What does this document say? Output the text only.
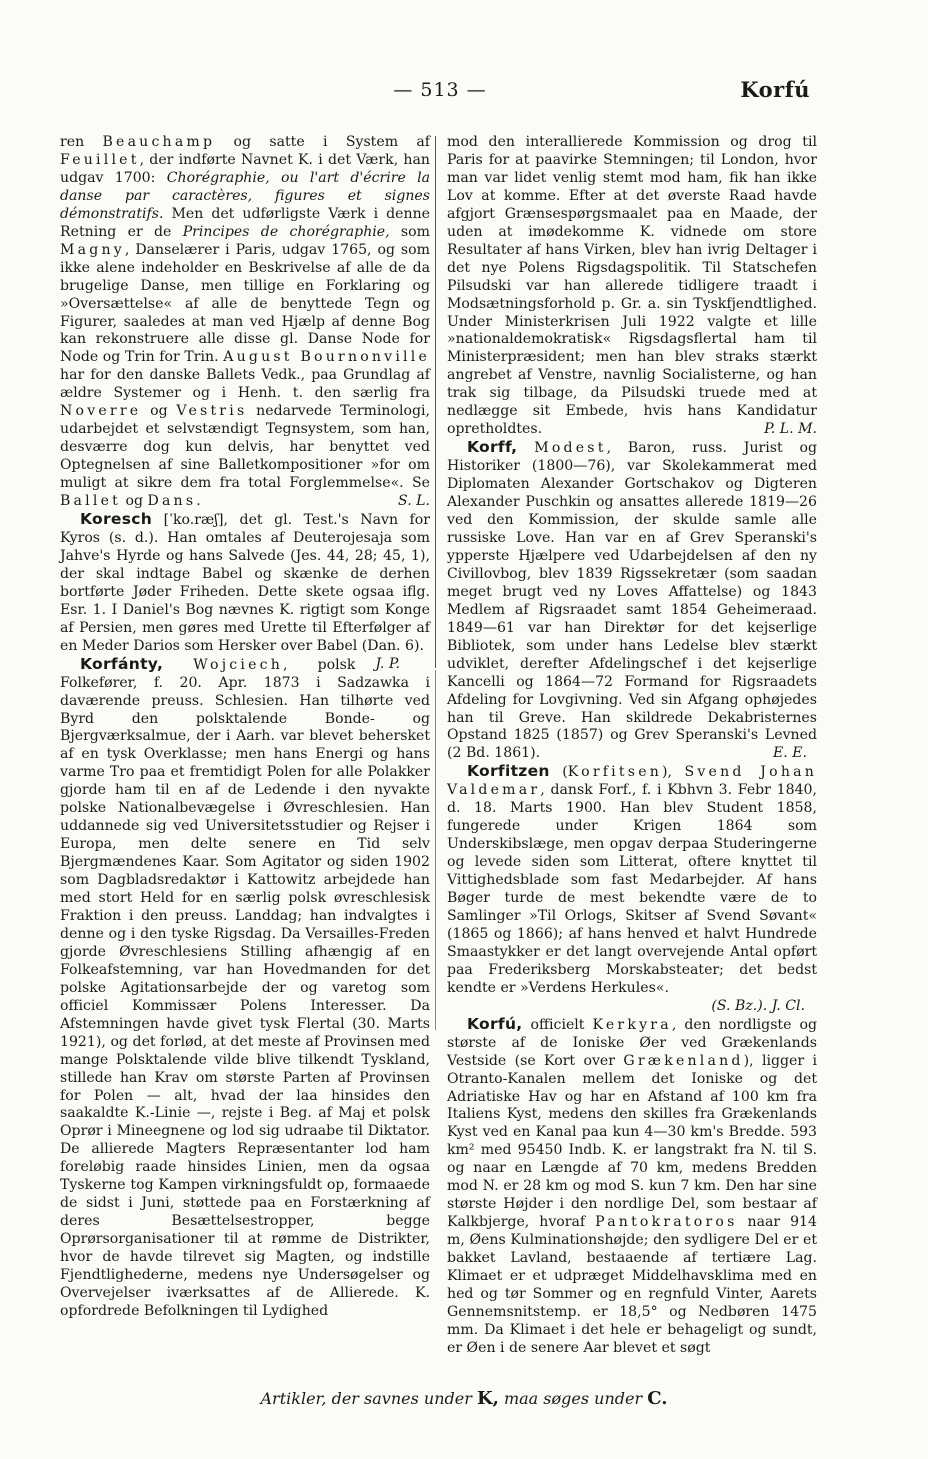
— 513 —	Korfú

ren Beauchamp og satte i System af Feuillet, der indførte Navnet K. i det Værk, han udgav 1700: Chorégraphie, ou l'art d'écrire la danse par caractères, figures et signes démonstratifs. Men det udførligste Værk i denne Retning er de Principes de chorégraphie, som Magny, Danselærer i Paris, udgav 1765, og som ikke alene indeholder en Beskrivelse af alle de da brugelige Danse, men tillige en Forklaring og »Oversættelse« af alle de benyttede Tegn og Figurer, saaledes at man ved Hjælp af denne Bog kan rekonstruere alle disse gl. Danse Node for Node og Trin for Trin. August Bournonville har for den danske Ballets Vedk., paa Grundlag af ældre Systemer og i Henh. t. den særlig fra Noverre og Vestris nedarvede Terminologi, udarbejdet et selvstændigt Tegnsystem, som han, desværre dog kun delvis, har benyttet ved Optegnelsen af sine Balletkompositioner »for om muligt at sikre dem fra total Forglemmelse«. Se Ballet og Dans.	S. L.

Koresch [ˈko.ræʃ], det gl. Test.'s Navn for Kyros (s. d.). Han omtales af Deuterojesaja som Jahve's Hyrde og hans Salvede (Jes. 44, 28; 45, 1), der skal indtage Babel og skænke de derhen bortførte Jøder Friheden. Dette skete ogsaa iflg. Esr. 1. I Daniel's Bog nævnes K. rigtigt som Konge af Persien, men gøres med Urette til Efterfølger af en Meder Darios som Hersker over Babel (Dan. 6).
J. P.

Korfánty, Wojciech, polsk Folkefører, f. 20. Apr. 1873 i Sadzawka i daværende preuss. Schlesien. Han tilhørte ved Byrd den polsktalende Bonde- og Bjergværksalmue, der i Aarh. var blevet behersket af en tysk Overklasse; men hans Energi og hans varme Tro paa et fremtidigt Polen for alle Polakker gjorde ham til en af de Ledende i den nyvakte polske Nationalbevægelse i Øvreschlesien. Han uddannede sig ved Universitetsstudier og Rejser i Europa, men delte senere en Tid selv Bjergmændenes Kaar. Som Agitator og siden 1902 som Dagbladsredaktør i Kattowitz arbejdede han med stort Held for en særlig polsk øvreschlesisk Fraktion i den preuss. Landdag; han indvalgtes i denne og i den tyske Rigsdag. Da Versailles-Freden gjorde Øvreschlesiens Stilling afhængig af en Folkeafstemning, var han Hovedmanden for det polske Agitationsarbejde der og varetog som officiel Kommissær Polens Interesser. Da Afstemningen havde givet tysk Flertal (30. Marts 1921), og det forlød, at det meste af Provinsen med mange Polsktalende vilde blive tilkendt Tyskland, stillede han Krav om største Parten af Provinsen for Polen — alt, hvad der laa hinsides den saakaldte K.-Linie —, rejste i Beg. af Maj et polsk Oprør i Mineegnene og lod sig udraabe til Diktator. De allierede Magters Repræsentanter lod ham foreløbig raade hinsides Linien, men da ogsaa Tyskerne tog Kampen virkningsfuldt op, formaaede de sidst i Juni, støttede paa en Forstærkning af deres Besættelsestropper, begge Oprørsorganisationer til at rømme de Distrikter, hvor de havde tilrevet sig Magten, og indstille Fjendtlighederne, medens nye Undersøgelser og Overvejelser iværksattes af de Allierede. K. opfordrede Befolkningen til Lydighed

mod den interallierede Kommission og drog til Paris for at paavirke Stemningen; til London, hvor man var lidet venlig stemt mod ham, fik han ikke Lov at komme. Efter at det øverste Raad havde afgjort Grænsespørgsmaalet paa en Maade, der uden at imødekomme K. vidnede om store Resultater af hans Virken, blev han ivrig Deltager i det nye Polens Rigsdagspolitik. Til Statschefen Pilsudski var han allerede tidligere traadt i Modsætningsforhold p. Gr. a. sin Tyskfjendtlighed. Under Ministerkrisen Juli 1922 valgte et lille »nationaldemokratisk« Rigsdagsflertal ham til Ministerpræsident; men han blev straks stærkt angrebet af Venstre, navnlig Socialisterne, og han trak sig tilbage, da Pilsudski truede med at nedlægge sit Embede, hvis hans Kandidatur opretholdtes.	P. L. M.

Korff, Modest, Baron, russ. Jurist og Historiker (1800—76), var Skolekammerat med Diplomaten Alexander Gortschakov og Digteren Alexander Puschkin og ansattes allerede 1819—26 ved den Kommission, der skulde samle alle russiske Love. Han var en af Grev Speranski's ypperste Hjælpere ved Udarbejdelsen af den ny Civillovbog, blev 1839 Rigssekretær (som saadan meget brugt ved ny Loves Affattelse) og 1843 Medlem af Rigsraadet samt 1854 Geheimeraad. 1849—61 var han Direktør for det kejserlige Bibliotek, som under hans Ledelse blev stærkt udviklet, derefter Afdelingschef i det kejserlige Kancelli og 1864—72 Formand for Rigsraadets Afdeling for Lovgivning. Ved sin Afgang ophøjedes han til Greve. Han skildrede Dekabristernes Opstand 1825 (1857) og Grev Speranski's Levned (2 Bd. 1861).	E. E.

Korfitzen (Korfitsen), Svend Johan Valdemar, dansk Forf., f. i Kbhvn 3. Febr 1840, d. 18. Marts 1900. Han blev Student 1858, fungerede under Krigen 1864 som Underskibslæge, men opgav derpaa Studeringerne og levede siden som Litterat, oftere knyttet til Vittighedsblade som fast Medarbejder. Af hans Bøger turde de mest bekendte være de to Samlinger »Til Orlogs, Skitser af Svend Søvant« (1865 og 1866); af hans henved et halvt Hundrede Smaastykker er det langt overvejende Antal opført paa Frederiksberg Morskabsteater; det bedst kendte er »Verdens Herkules«.

(S. Bz.). J. Cl.

Korfú, officielt Kerkyra, den nordligste og største af de Ioniske Øer ved Grækenlands Vestside (se Kort over Grækenland), ligger i Otranto-Kanalen mellem det Ioniske og det Adriatiske Hav og har en Afstand af 100 km fra Italiens Kyst, medens den skilles fra Grækenlands Kyst ved en Kanal paa kun 4—30 km's Bredde. 593 km² med 95450 Indb. K. er langstrakt fra N. til S. og naar en Længde af 70 km, medens Bredden mod N. er 28 km og mod S. kun 7 km. Den har sine største Højder i den nordlige Del, som bestaar af Kalkbjerge, hvoraf Pantokratoros naar 914 m, Øens Kulminationshøjde; den sydligere Del er et bakket Lavland, bestaaende af tertiære Lag. Klimaet er et udpræget Middelhavsklima med en hed og tør Sommer og en regnfuld Vinter, Aarets Gennemsnitstemp. er 18,5° og Nedbøren 1475 mm. Da Klimaet i det hele er behageligt og sundt, er Øen i de senere Aar blevet et søgt

Artikler, der savnes under K, maa søges under C.
